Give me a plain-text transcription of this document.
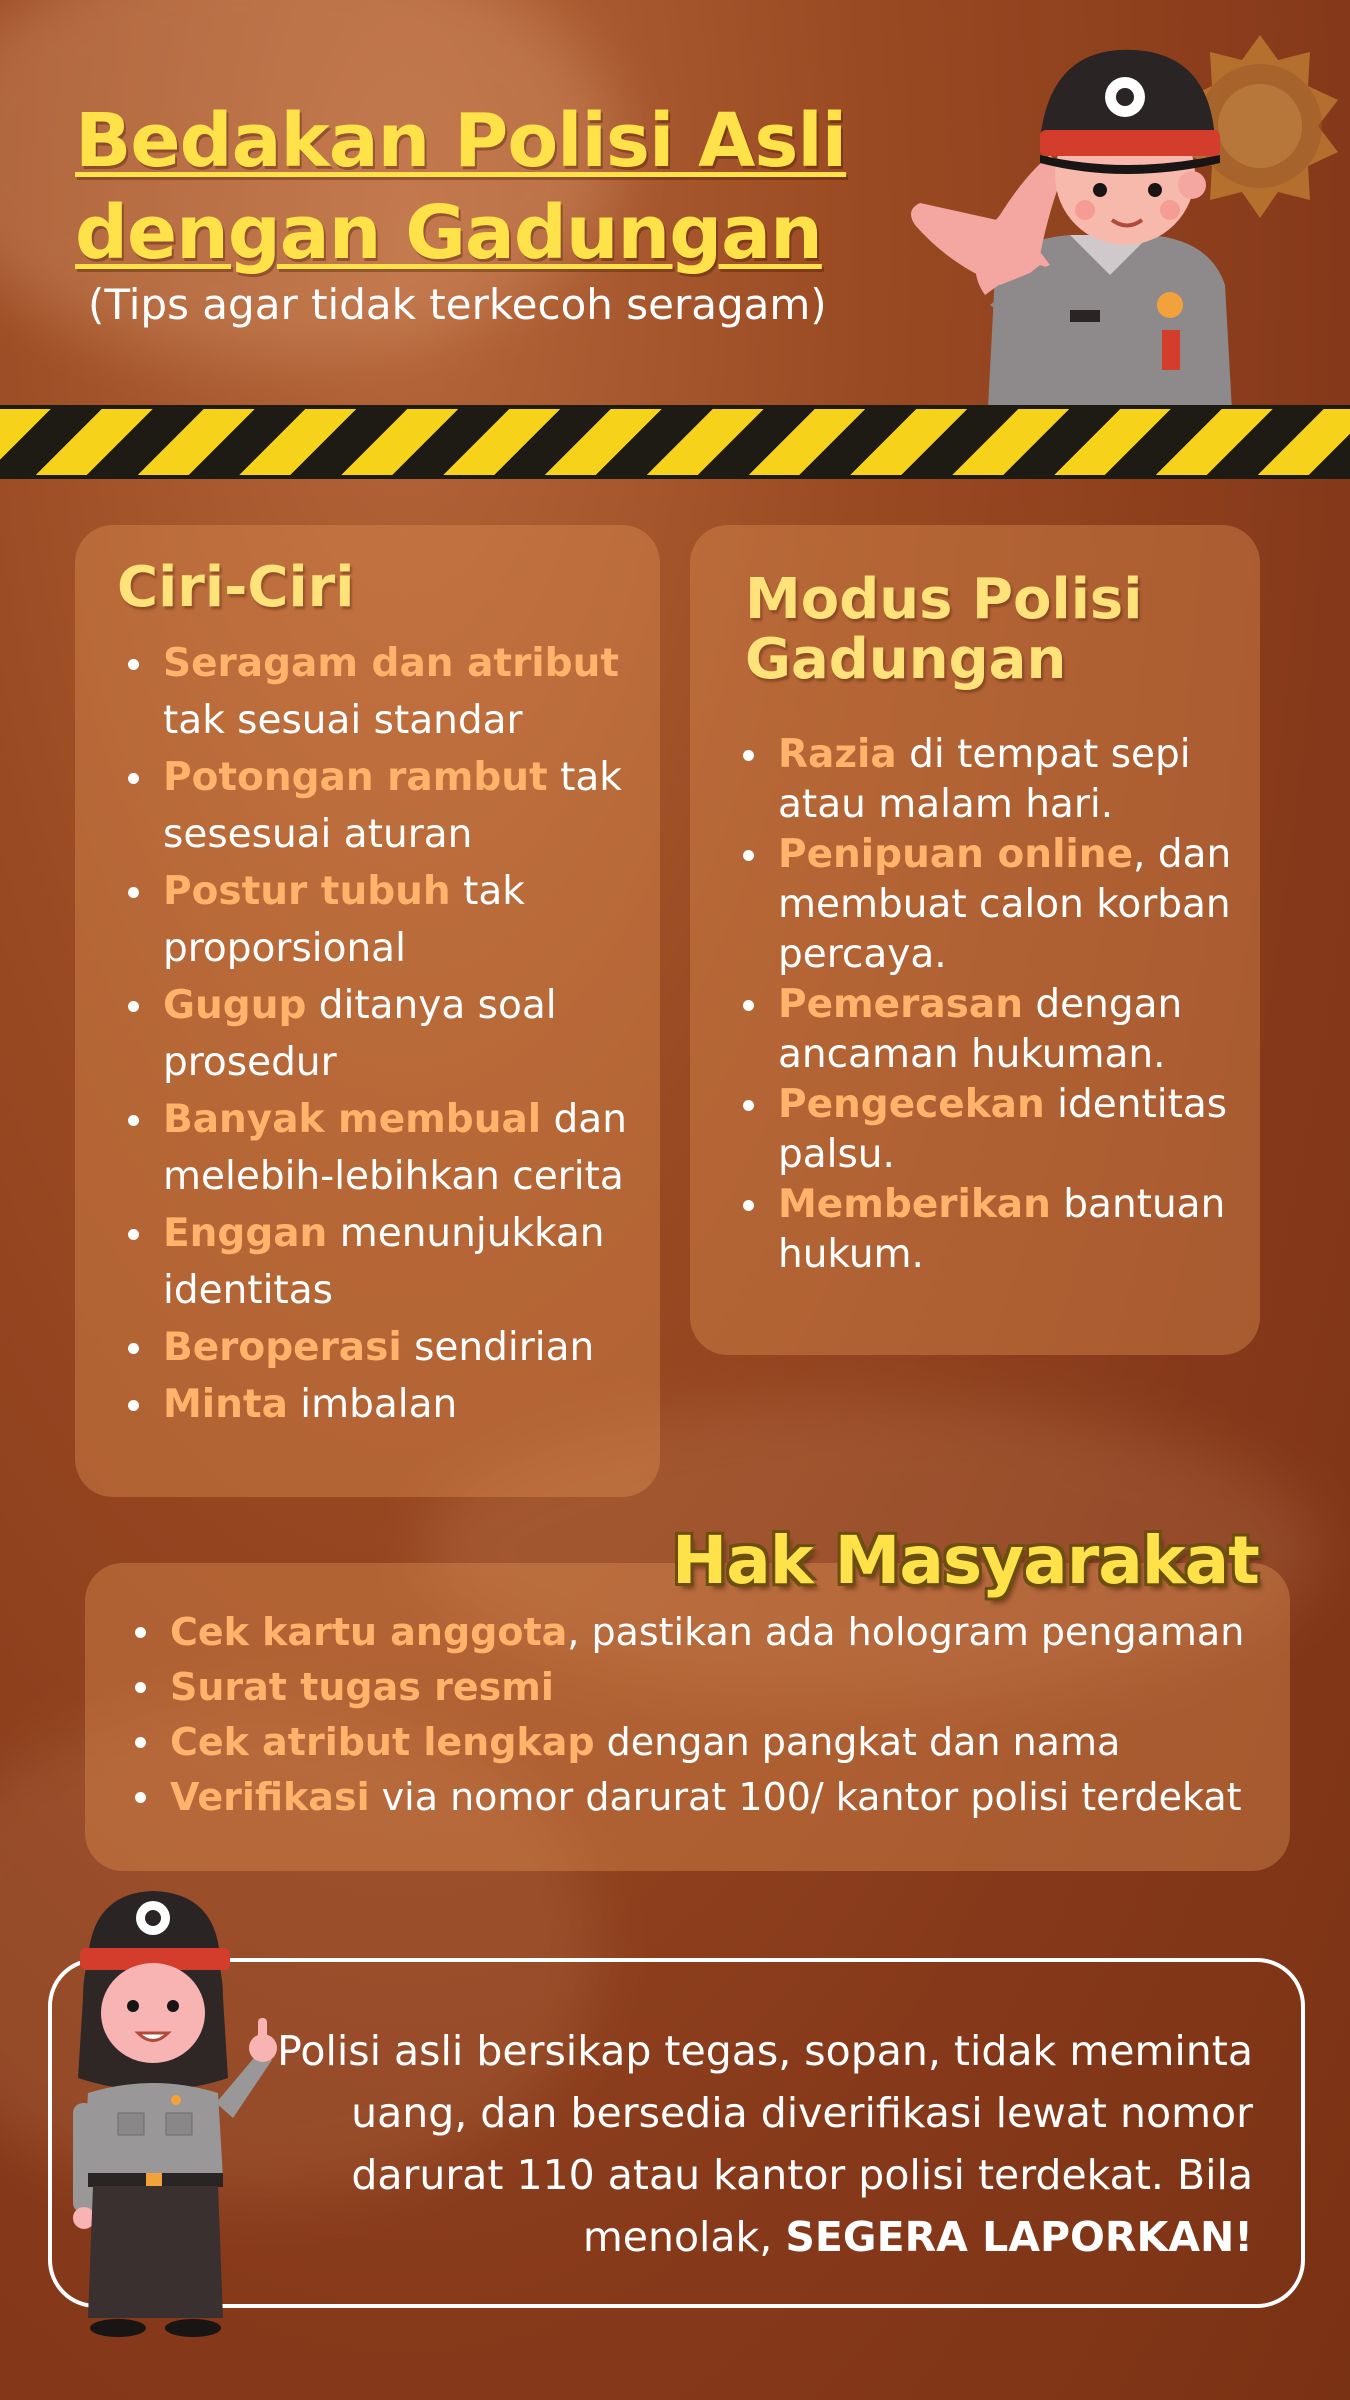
Bedakan Polisi Asli
dengan Gadungan
(Tips agar tidak terkecoh seragam)
Ciri-Ciri
Seragam dan atribut tak sesuai standar
Potongan rambut tak sesesuai aturan
Postur tubuh tak proporsional
Gugup ditanya soal prosedur
Banyak membual dan melebih-lebihkan cerita
Enggan menunjukkan identitas
Beroperasi sendirian
Minta imbalan
Modus Polisi Gadungan
Razia di tempat sepi atau malam hari.
Penipuan online, dan membuat calon korban percaya.
Pemerasan dengan ancaman hukuman.
Pengecekan identitas palsu.
Memberikan bantuan hukum.
Cek kartu anggota, pastikan ada hologram pengaman
Surat tugas resmi
Cek atribut lengkap dengan pangkat dan nama
Verifikasi via nomor darurat 100/ kantor polisi terdekat
Hak Masyarakat
Polisi asli bersikap tegas, sopan, tidak meminta uang, dan bersedia diverifikasi lewat nomor darurat 110 atau kantor polisi terdekat. Bila menolak, SEGERA LAPORKAN!
